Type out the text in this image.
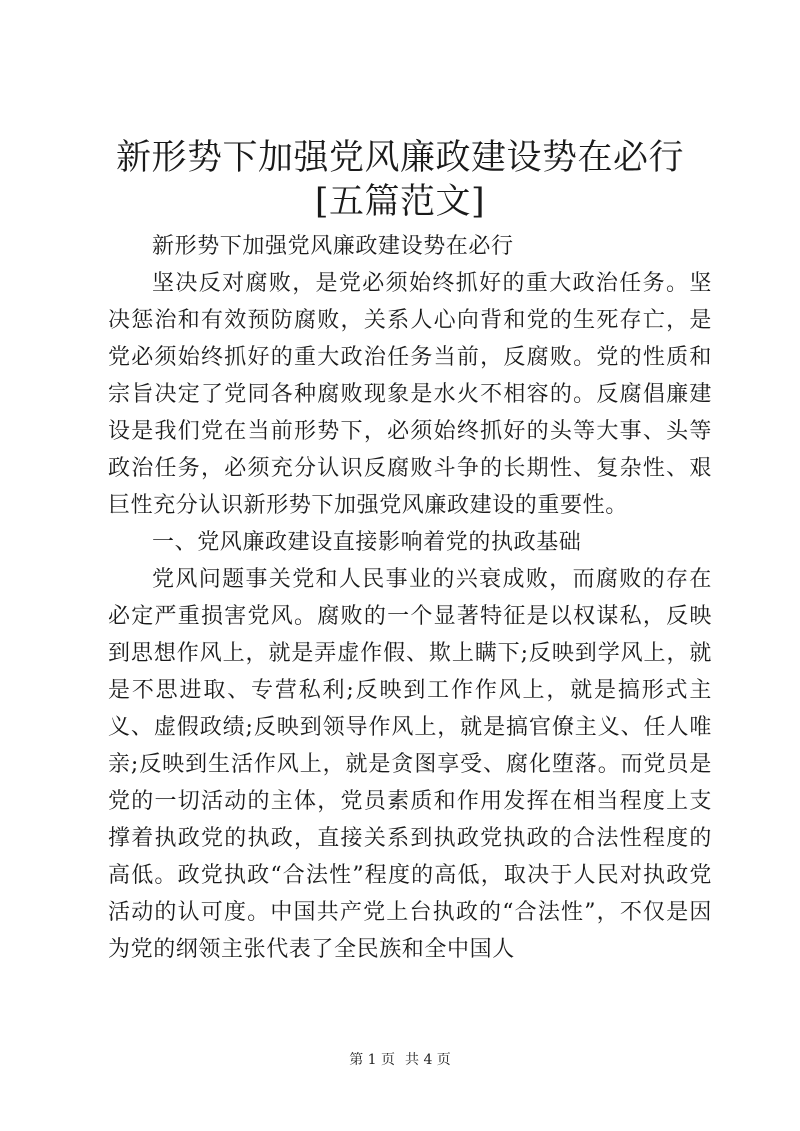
新形势下加强党风廉政建设势在必行[五篇范文]

新形势下加强党风廉政建设势在必行

坚决反对腐败，是党必须始终抓好的重大政治任务。坚决惩治和有效预防腐败，关系人心向背和党的生死存亡，是党必须始终抓好的重大政治任务当前，反腐败。党的性质和宗旨决定了党同各种腐败现象是水火不相容的。反腐倡廉建设是我们党在当前形势下，必须始终抓好的头等大事、头等政治任务，必须充分认识反腐败斗争的长期性、复杂性、艰巨性充分认识新形势下加强党风廉政建设的重要性。

一、党风廉政建设直接影响着党的执政基础

党风问题事关党和人民事业的兴衰成败，而腐败的存在必定严重损害党风。腐败的一个显著特征是以权谋私，反映到思想作风上，就是弄虚作假、欺上瞒下;反映到学风上，就是不思进取、专营私利;反映到工作作风上，就是搞形式主义、虚假政绩;反映到领导作风上，就是搞官僚主义、任人唯亲;反映到生活作风上，就是贪图享受、腐化堕落。而党员是党的一切活动的主体，党员素质和作用发挥在相当程度上支撑着执政党的执政，直接关系到执政党执政的合法性程度的高低。政党执政“合法性”程度的高低，取决于人民对执政党活动的认可度。中国共产党上台执政的“合法性”，不仅是因为党的纲领主张代表了全民族和全中国人

第 1 页 共 4 页
